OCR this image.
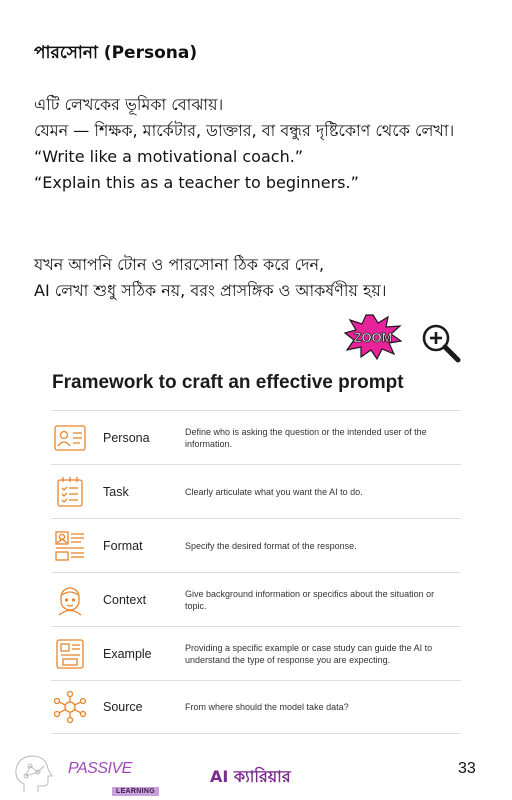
পারসোনা (Persona)
এটি লেখকের ভূমিকা বোঝায়।
যেমন — শিক্ষক, মার্কেটার, ডাক্তার, বা বন্ধুর দৃষ্টিকোণ থেকে লেখা।
“Write like a motivational coach.”
“Explain this as a teacher to beginners.”
যখন আপনি টোন ও পারসোনা ঠিক করে দেন,
AI লেখা শুধু সঠিক নয়, বরং প্রাসঙ্গিক ও আকর্ষণীয় হয়।
ZOOM
Framework to craft an effective prompt
Persona	Define who is asking the question or the intended user of the information.
Task	Clearly articulate what you want the AI to do.
Format	Specify the desired format of the response.
Context	Give background information or specifics about the situation or topic.
Example	Providing a specific example or case study can guide the AI to understand the type of response you are expecting.
Source	From where should the model take data?
PASSIVE
LEARNING
AI ক্যারিয়ার	33
